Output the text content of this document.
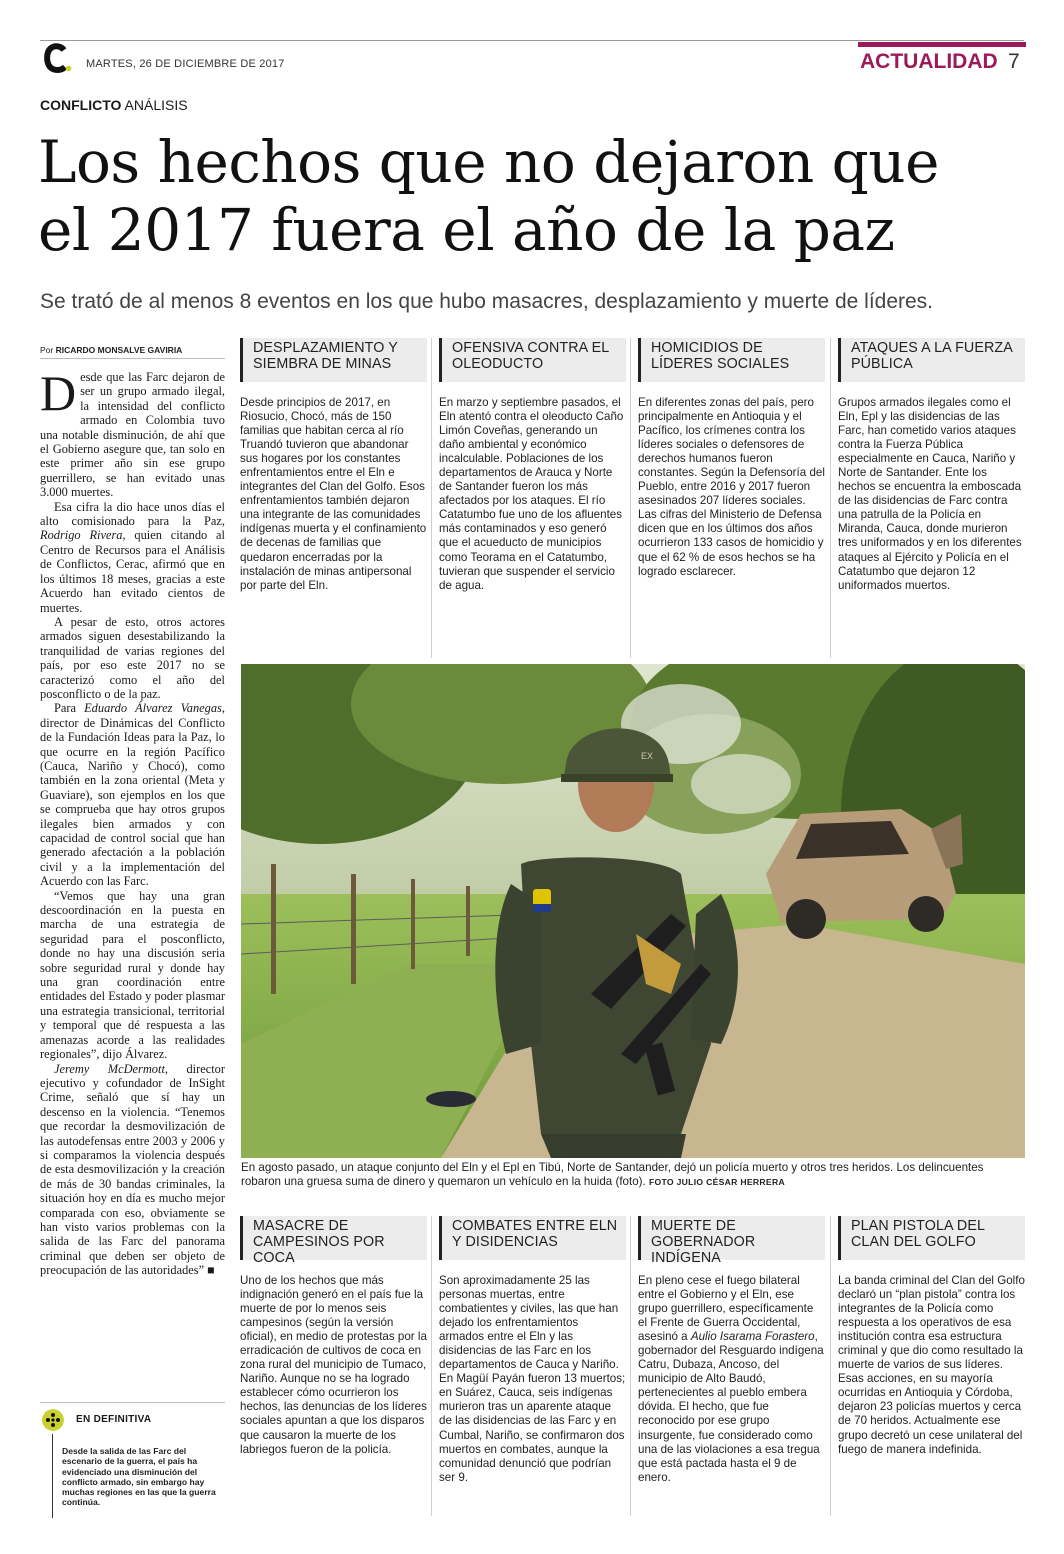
MARTES, 26 DE DICIEMBRE DE 2017	ACTUALIDAD 7
CONFLICTO ANÁLISIS
Los hechos que no dejaron que
el 2017 fuera el año de la paz
Se trató de al menos 8 eventos en los que hubo masacres, desplazamiento y muerte de líderes.
Por RICARDO MONSALVE GAVIRIA

Desde que las Farc dejaron de ser un grupo armado ilegal, la intensidad del conflicto armado en Colombia tuvo una notable disminución, de ahí que el Gobierno asegure que, tan solo en este primer año sin ese grupo guerrillero, se han evitado unas 3.000 muertes.

Esa cifra la dio hace unos días el alto comisionado para la Paz, Rodrigo Rivera, quien citando al Centro de Recursos para el Análisis de Conflictos, Cerac, afirmó que en los últimos 18 meses, gracias a este Acuerdo han evitado cientos de muertes.

A pesar de esto, otros actores armados siguen desestabilizando la tranquilidad de varias regiones del país, por eso este 2017 no se caracterizó como el año del posconflicto o de la paz.

Para Eduardo Álvarez Vanegas, director de Dinámicas del Conflicto de la Fundación Ideas para la Paz, lo que ocurre en la región Pacífico (Cauca, Nariño y Chocó), como también en la zona oriental (Meta y Guaviare), son ejemplos en los que se comprueba que hay otros grupos ilegales bien armados y con capacidad de control social que han generado afectación a la población civil y a la implementación del Acuerdo con las Farc.

“Vemos que hay una gran descoordinación en la puesta en marcha de una estrategia de seguridad para el posconflicto, donde no hay una discusión seria sobre seguridad rural y donde hay una gran coordinación entre entidades del Estado y poder plasmar una estrategia transicional, territorial y temporal que dé respuesta a las amenazas acorde a las realidades regionales”, dijo Álvarez.

Jeremy McDermott, director ejecutivo y cofundador de InSight Crime, señaló que sí hay un descenso en la violencia. “Tenemos que recordar la desmovilización de las autodefensas entre 2003 y 2006 y si comparamos la violencia después de esta desmovilización y la creación de más de 30 bandas criminales, la situación hoy en día es mucho mejor comparada con eso, obviamente se han visto varios problemas con la salida de las Farc del panorama criminal que deben ser objeto de preocupación de las autoridades” ■

EN DEFINITIVA
Desde la salida de las Farc del escenario de la guerra, el país ha evidenciado una disminución del conflicto armado, sin embargo hay muchas regiones en las que la guerra continúa.
DESPLAZAMIENTO Y SIEMBRA DE MINAS
Desde principios de 2017, en Riosucio, Chocó, más de 150 familias que habitan cerca al río Truandó tuvieron que abandonar sus hogares por los constantes enfrentamientos entre el Eln e integrantes del Clan del Golfo. Esos enfrentamientos también dejaron una integrante de las comunidades indígenas muerta y el confinamiento de decenas de familias que quedaron encerradas por la instalación de minas antipersonal por parte del Eln.
OFENSIVA CONTRA EL OLEODUCTO
En marzo y septiembre pasados, el Eln atentó contra el oleoducto Caño Limón Coveñas, generando un daño ambiental y económico incalculable. Poblaciones de los departamentos de Arauca y Norte de Santander fueron los más afectados por los ataques. El río Catatumbo fue uno de los afluentes más contaminados y eso generó que el acueducto de municipios como Teorama en el Catatumbo, tuvieran que suspender el servicio de agua.
HOMICIDIOS DE LÍDERES SOCIALES
En diferentes zonas del país, pero principalmente en Antioquia y el Pacífico, los crímenes contra los líderes sociales o defensores de derechos humanos fueron constantes. Según la Defensoría del Pueblo, entre 2016 y 2017 fueron asesinados 207 líderes sociales. Las cifras del Ministerio de Defensa dicen que en los últimos dos años ocurrieron 133 casos de homicidio y que el 62 % de esos hechos se ha logrado esclarecer.
ATAQUES A LA FUERZA PÚBLICA
Grupos armados ilegales como el Eln, Epl y las disidencias de las Farc, han cometido varios ataques contra la Fuerza Pública especialmente en Cauca, Nariño y Norte de Santander. Ente los hechos se encuentra la emboscada de las disidencias de Farc contra una patrulla de la Policía en Miranda, Cauca, donde murieron tres uniformados y en los diferentes ataques al Ejército y Policía en el Catatumbo que dejaron 12 uniformados muertos.
EX
En agosto pasado, un ataque conjunto del Eln y el Epl en Tibú, Norte de Santander, dejó un policía muerto y otros tres heridos. Los delincuentes robaron una gruesa suma de dinero y quemaron un vehículo en la huida (foto). FOTO JULIO CÉSAR HERRERA
MASACRE DE CAMPESINOS POR COCA
Uno de los hechos que más indignación generó en el país fue la muerte de por lo menos seis campesinos (según la versión oficial), en medio de protestas por la erradicación de cultivos de coca en zona rural del municipio de Tumaco, Nariño. Aunque no se ha logrado establecer cómo ocurrieron los hechos, las denuncias de los líderes sociales apuntan a que los disparos que causaron la muerte de los labriegos fueron de la policía.
COMBATES ENTRE ELN Y DISIDENCIAS
Son aproximadamente 25 las personas muertas, entre combatientes y civiles, las que han dejado los enfrentamientos armados entre el Eln y las disidencias de las Farc en los departamentos de Cauca y Nariño. En Magüí Payán fueron 13 muertos; en Suárez, Cauca, seis indígenas murieron tras un aparente ataque de las disidencias de las Farc y en Cumbal, Nariño, se confirmaron dos muertos en combates, aunque la comunidad denunció que podrían ser 9.
MUERTE DE GOBERNADOR INDÍGENA
En pleno cese el fuego bilateral entre el Gobierno y el Eln, ese grupo guerrillero, específicamente el Frente de Guerra Occidental, asesinó a Aulio Isarama Forastero, gobernador del Resguardo indígena Catru, Dubaza, Ancoso, del municipio de Alto Baudó, pertenecientes al pueblo embera dóvida. El hecho, que fue reconocido por ese grupo insurgente, fue considerado como una de las violaciones a esa tregua que está pactada hasta el 9 de enero.
PLAN PISTOLA DEL CLAN DEL GOLFO
La banda criminal del Clan del Golfo declaró un “plan pistola” contra los integrantes de la Policía como respuesta a los operativos de esa institución contra esa estructura criminal y que dio como resultado la muerte de varios de sus líderes. Esas acciones, en su mayoría ocurridas en Antioquia y Córdoba, dejaron 23 policías muertos y cerca de 70 heridos. Actualmente ese grupo decretó un cese unilateral del fuego de manera indefinida.
